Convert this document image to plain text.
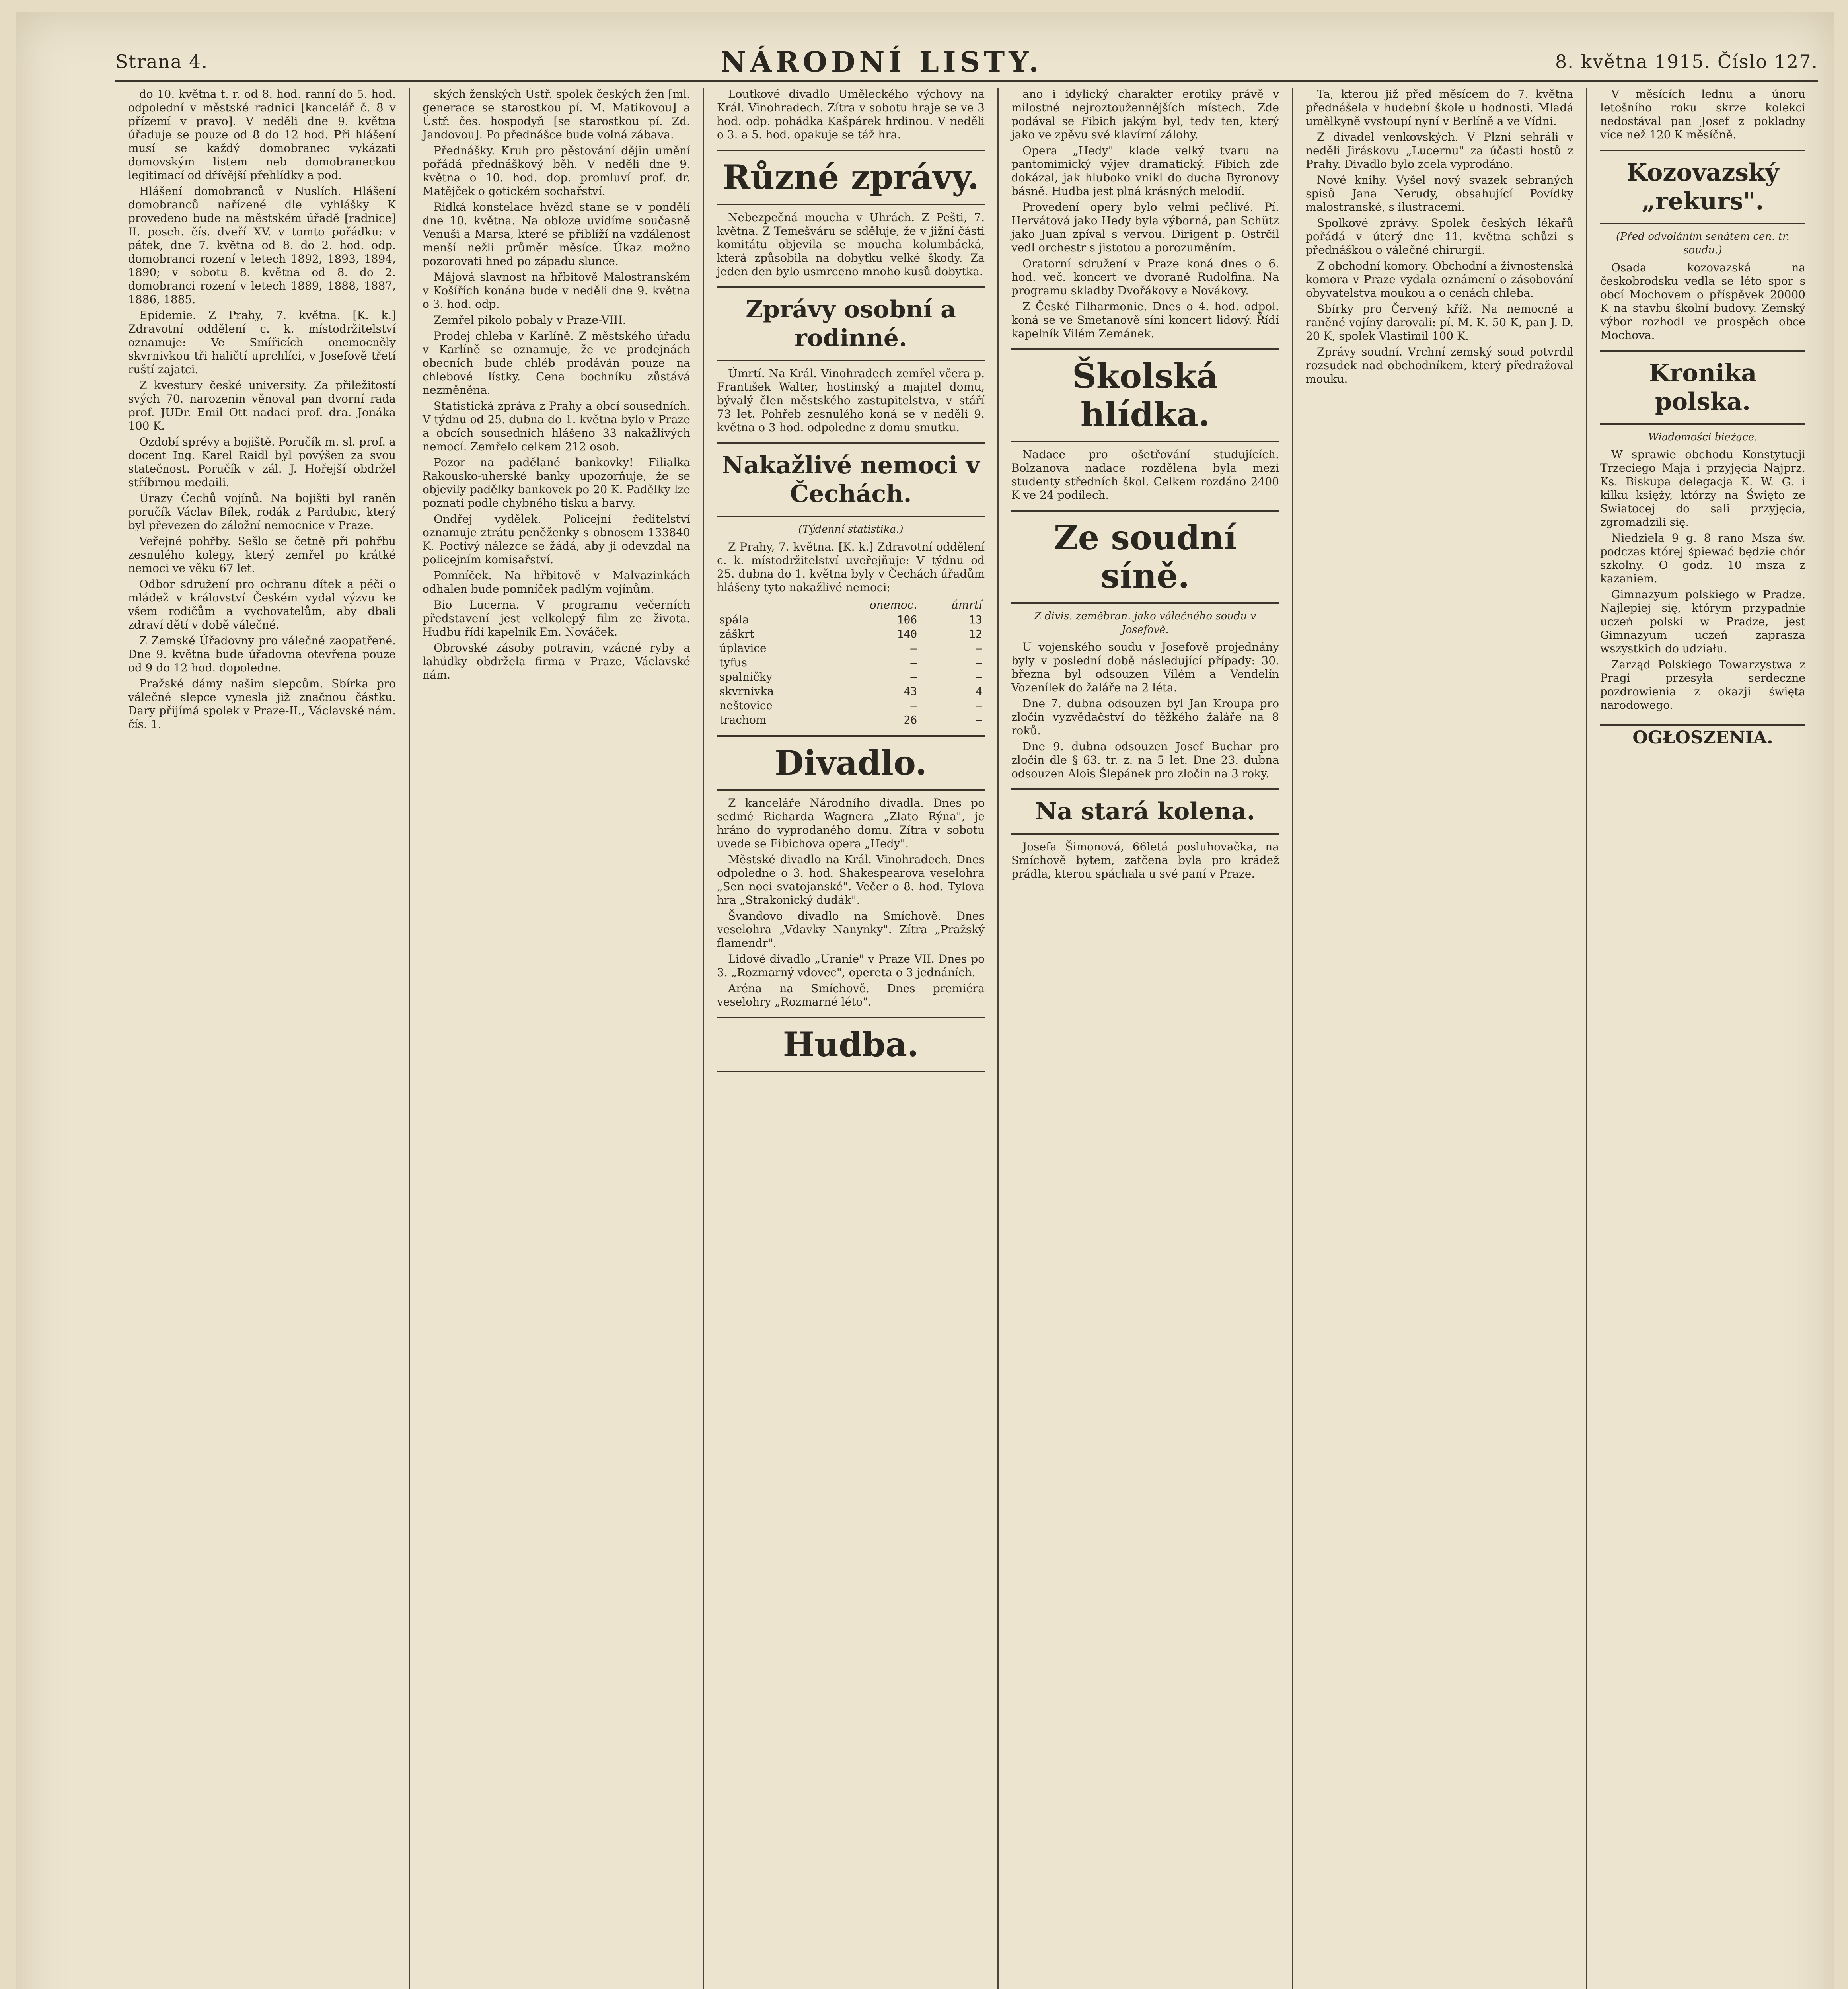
Strana 4.	NÁRODNÍ LISTY.	8. května 1915. Číslo 127.

do 10. května t. r. od 8. hod. ranní do 5. hod. odpolední v městské radnici [kancelář č. 8 v přízemí v pravo]. V neděli dne 9. května úřaduje se pouze od 8 do 12 hod. Při hlášení musí se každý domobranec vykázati domovským listem neb domobraneckou legitimací od dřívější přehlídky a pod.

Hlášení domobranců v Nuslích. Hlášení domobranců nařízené dle vyhlášky K provedeno bude na městském úřadě [radnice] II. posch. čís. dveří XV. v tomto pořádku: v pátek, dne 7. května od 8. do 2. hod. odp. domobranci rození v letech 1892, 1893, 1894, 1890; v sobotu 8. května od 8. do 2. domobranci rození v letech 1889, 1888, 1887, 1886, 1885.

Epidemie. Z Prahy, 7. května. [K. k.] Zdravotní oddělení c. k. místodržitelství oznamuje: Ve Smířicích onemocněly skvrnivkou tři haličtí uprchlíci, v Josefově třetí ruští zajatci.

Z kvestury české university. Za přiležitostí svých 70. narozenin věnoval pan dvorní rada prof. JUDr. Emil Ott nadaci prof. dra. Jonáka 100 K.

Ozdobí sprévy a bojiště. Poručík m. sl. prof. a docent Ing. Karel Raidl byl povýšen za svou statečnost. Poručík v zál. J. Hořejší obdržel stříbrnou medaili.

Úrazy Čechů vojínů. Na bojišti byl raněn poručík Václav Bílek, rodák z Pardubic, který byl převezen do záložní nemocnice v Praze.

Veřejné pohřby. Sešlo se četně při pohřbu zesnulého kolegy, který zemřel po krátké nemoci ve věku 67 let.

Odbor sdružení pro ochranu dítek a péči o mládež v království Českém vydal výzvu ke všem rodičům a vychovatelům, aby dbali zdraví dětí v době válečné.

Z Zemské Úřadovny pro válečné zaopatřené. Dne 9. května bude úřadovna otevřena pouze od 9 do 12 hod. dopoledne.

Pražské dámy našim slepcům. Sbírka pro válečné slepce vynesla již značnou částku. Dary přijímá spolek v Praze-II., Václavské nám. čís. 1.

ských ženských Ústř. spolek českých žen [ml. generace se starostkou pí. M. Matikovou] a Ústř. čes. hospodyň [se starostkou pí. Zd. Jandovou]. Po přednášce bude volná zábava.

Přednášky. Kruh pro pěstování dějin umění pořádá přednáškový běh. V neděli dne 9. května o 10. hod. dop. promluví prof. dr. Matějček o gotickém sochařství.

Ridká konstelace hvězd stane se v pondělí dne 10. května. Na obloze uvidíme současně Venuši a Marsa, které se přiblíží na vzdálenost menší nežli průměr měsíce. Úkaz možno pozorovati hned po západu slunce.

Májová slavnost na hřbitově Malostranském v Košířích konána bude v neděli dne 9. května o 3. hod. odp.

Zemřel pikolo pobaly v Praze-VIII.

Prodej chleba v Karlíně. Z městského úřadu v Karlíně se oznamuje, že ve prodejnách obecních bude chléb prodáván pouze na chlebové lístky. Cena bochníku zůstává nezměněna.

Statistická zpráva z Prahy a obcí sousedních. V týdnu od 25. dubna do 1. května bylo v Praze a obcích sousedních hlášeno 33 nakažlivých nemocí. Zemřelo celkem 212 osob.

Pozor na padělané bankovky! Filialka Rakousko-uherské banky upozorňuje, že se objevily padělky bankovek po 20 K. Padělky lze poznati podle chybného tisku a barvy.

Ondřej vydělek. Policejní ředitelství oznamuje ztrátu peněženky s obnosem 133840 K. Poctivý nálezce se žádá, aby ji odevzdal na policejním komisařství.

Pomníček. Na hřbitově v Malvazinkách odhalen bude pomníček padlým vojínům.

Bio Lucerna. V programu večerních představení jest velkolepý film ze života. Hudbu řídí kapelník Em. Nováček.

Obrovské zásoby potravin, vzácné ryby a lahůdky obdržela firma v Praze, Václavské nám.

Loutkové divadlo Uměleckého výchovy na Král. Vinohradech. Zítra v sobotu hraje se ve 3 hod. odp. pohádka Kašpárek hrdinou. V neděli o 3. a 5. hod. opakuje se táž hra.

Různé zprávy.

Nebezpečná moucha v Uhrách. Z Pešti, 7. května. Z Temešváru se sděluje, že v jižní části komitátu objevila se moucha kolumbácká, která způsobila na dobytku velké škody. Za jeden den bylo usmrceno mnoho kusů dobytka.

Zprávy osobní a rodinné.

Úmrtí. Na Král. Vinohradech zemřel včera p. František Walter, hostinský a majitel domu, bývalý člen městského zastupitelstva, v stáří 73 let. Pohřeb zesnulého koná se v neděli 9. května o 3 hod. odpoledne z domu smutku.

Nakažlivé nemoci v Čechách.
(Týdenní statistika.)

Z Prahy, 7. května. [K. k.] Zdravotní oddělení c. k. místodržitelství uveřejňuje: V týdnu od 25. dubna do 1. května byly v Čechách úřadům hlášeny tyto nakažlivé nemoci:

	onemoc.	úmrtí
spála	106	13
záškrt	140	12
úplavice	—	—
tyfus	—	—
spalničky	—	—
skvrnivka	43	4
neštovice	—	—
trachom	26	—
Divadlo.

Z kanceláře Národního divadla. Dnes po sedmé Richarda Wagnera „Zlato Rýna", je hráno do vyprodaného domu. Zítra v sobotu uvede se Fibichova opera „Hedy".

Městské divadlo na Král. Vinohradech. Dnes odpoledne o 3. hod. Shakespearova veselohra „Sen noci svatojanské". Večer o 8. hod. Tylova hra „Strakonický dudák".

Švandovo divadlo na Smíchově. Dnes veselohra „Vdavky Nanynky". Zítra „Pražský flamendr".

Lidové divadlo „Uranie" v Praze VII. Dnes po 3. „Rozmarný vdovec", opereta o 3 jednáních.

Aréna na Smíchově. Dnes premiéra veselohry „Rozmarné léto".

Hudba.

ano i idylický charakter erotiky právě v milostné nejroztoužennějších místech. Zde podával se Fibich jakým byl, tedy ten, který jako ve zpěvu své klavírní zálohy.

Opera „Hedy" klade velký tvaru na pantomimický výjev dramatický. Fibich zde dokázal, jak hluboko vnikl do ducha Byronovy básně. Hudba jest plná krásných melodií.

Provedení opery bylo velmi pečlivé. Pí. Hervátová jako Hedy byla výborná, pan Schütz jako Juan zpíval s vervou. Dirigent p. Ostrčil vedl orchestr s jistotou a porozuměním.

Oratorní sdružení v Praze koná dnes o 6. hod. več. koncert ve dvoraně Rudolfina. Na programu skladby Dvořákovy a Novákovy.

Z České Filharmonie. Dnes o 4. hod. odpol. koná se ve Smetanově síni koncert lidový. Řídí kapelník Vilém Zemánek.

Školská hlídka.

Nadace pro ošetřování studujících. Bolzanova nadace rozdělena byla mezi studenty středních škol. Celkem rozdáno 2400 K ve 24 podílech.

Ze soudní síně.
Z divis. zeměbran. jako válečného soudu v Josefově.

U vojenského soudu v Josefově projednány byly v poslední době následující případy: 30. března byl odsouzen Vilém a Vendelín Vozenílek do žaláře na 2 léta.

Dne 7. dubna odsouzen byl Jan Kroupa pro zločin vyzvědačství do těžkého žaláře na 8 roků.

Dne 9. dubna odsouzen Josef Buchar pro zločin dle § 63. tr. z. na 5 let. Dne 23. dubna odsouzen Alois Šlepánek pro zločin na 3 roky.

Na stará kolena.

Josefa Šimonová, 66letá posluhovačka, na Smíchově bytem, zatčena byla pro krádež prádla, kterou spáchala u své paní v Praze.

Ta, kterou již před měsícem do 7. května přednášela v hudební škole u hodnosti. Mladá umělkyně vystoupí nyní v Berlíně a ve Vídni.

Z divadel venkovských. V Plzni sehráli v neděli Jiráskovu „Lucernu" za účasti hostů z Prahy. Divadlo bylo zcela vyprodáno.

Nové knihy. Vyšel nový svazek sebraných spisů Jana Nerudy, obsahující Povídky malostranské, s ilustracemi.

Spolkové zprávy. Spolek českých lékařů pořádá v úterý dne 11. května schůzi s přednáškou o válečné chirurgii.

Z obchodní komory. Obchodní a živnostenská komora v Praze vydala oznámení o zásobování obyvatelstva moukou a o cenách chleba.

Sbírky pro Červený kříž. Na nemocné a raněné vojíny darovali: pí. M. K. 50 K, pan J. D. 20 K, spolek Vlastimil 100 K.

Zprávy soudní. Vrchní zemský soud potvrdil rozsudek nad obchodníkem, který předražoval mouku.

V měsících lednu a únoru letošního roku skrze kolekci nedostával pan Josef z pokladny více než 120 K měsíčně.

Kozovazský „rekurs".
(Před odvoláním senátem cen. tr. soudu.)

Osada kozovazská na českobrodsku vedla se léto spor s obcí Mochovem o příspěvek 20000 K na stavbu školní budovy. Zemský výbor rozhodl ve prospěch obce Mochova.

Kronika polska.
Wiadomości bieżące.

W sprawie obchodu Konstytucji Trzeciego Maja i przyjęcia Najprz. Ks. Biskupa delegacja K. W. G. i kilku księży, którzy na Święto ze Swiatocej do sali przyjęcia, zgromadzili się.

Niedziela 9 g. 8 rano Msza św. podczas której śpiewać będzie chór szkolny. O godz. 10 msza z kazaniem.

Gimnazyum polskiego w Pradze. Najlepiej się, którym przypadnie uczeń polski w Pradze, jest Gimnazyum uczeń zaprasza wszystkich do udziału.

Zarząd Polskiego Towarzystwa z Pragi przesyła serdeczne pozdrowienia z okazji święta narodowego.

OGŁOSZENIA.
